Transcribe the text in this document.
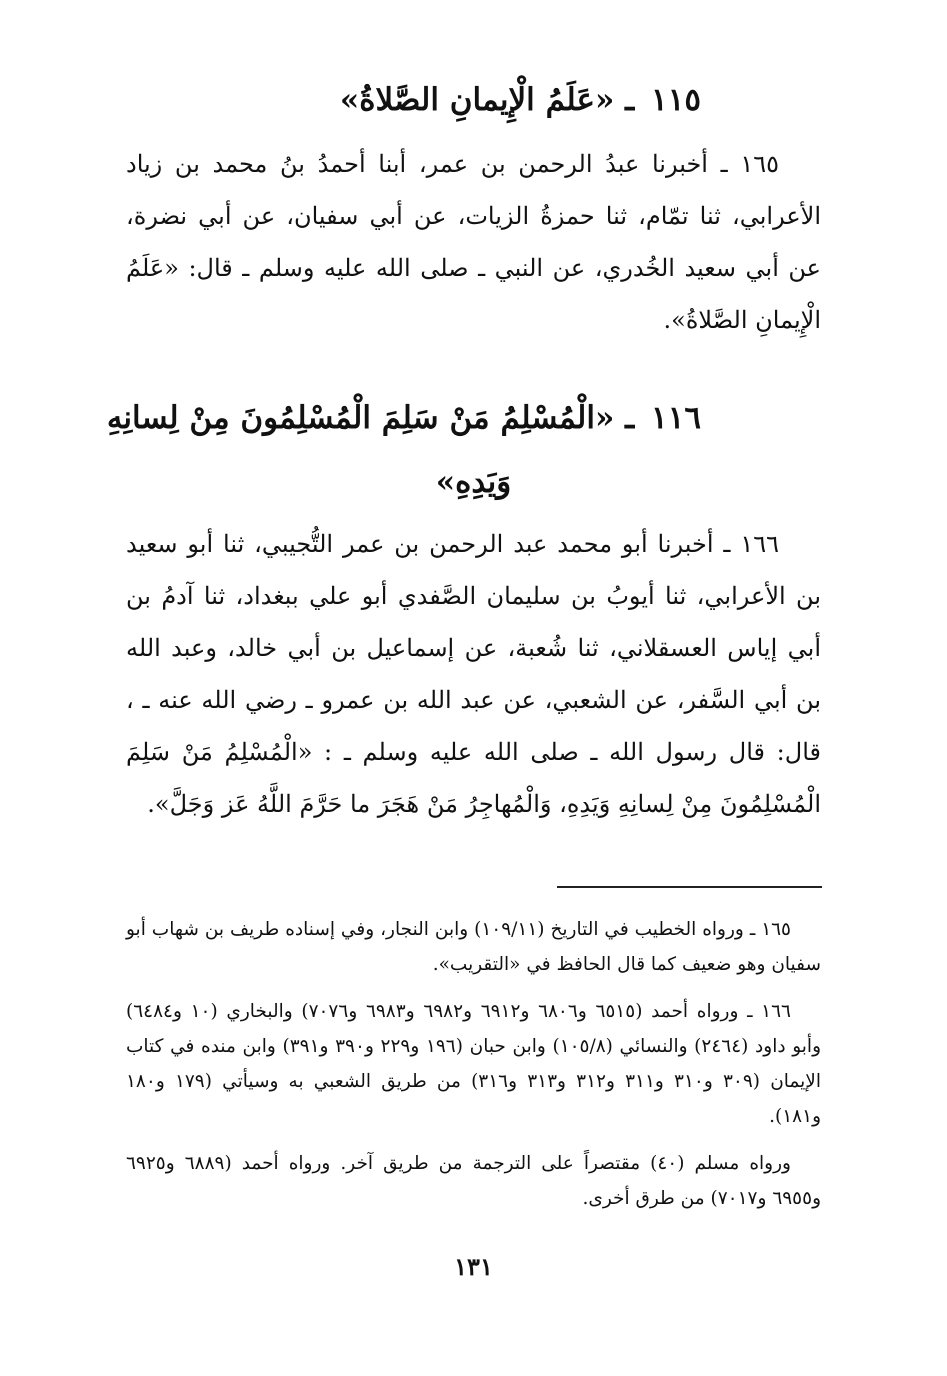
١١٥ ـ «عَلَمُ الْإِيمانِ الصَّلاةُ»

١٦٥ ـ أخبرنا عبدُ الرحمن بن عمر، أبنا أحمدُ بنُ محمد بن زياد الأعرابي، ثنا تمّام، ثنا حمزةُ الزيات، عن أبي سفيان، عن أبي نضرة، عن أبي سعيد الخُدري، عن النبي ـ صلى الله عليه وسلم ـ قال: «عَلَمُ الْإِيمانِ الصَّلاةُ».

١١٦ ـ «الْمُسْلِمُ مَنْ سَلِمَ الْمُسْلِمُونَ مِنْ لِسانِهِ
وَيَدِهِ»

١٦٦ ـ أخبرنا أبو محمد عبد الرحمن بن عمر التُّجيبي، ثنا أبو سعيد بن الأعرابي، ثنا أيوبُ بن سليمان الصَّفدي أبو علي ببغداد، ثنا آدمُ بن أبي إياس العسقلاني، ثنا شُعبة، عن إسماعيل بن أبي خالد، وعبد الله بن أبي السَّفر، عن الشعبي، عن عبد الله بن عمرو ـ رضي الله عنه ـ ، قال: قال رسول الله ـ صلى الله عليه وسلم ـ : «الْمُسْلِمُ مَنْ سَلِمَ الْمُسْلِمُونَ مِنْ لِسانِهِ وَيَدِهِ، وَالْمُهاجِرُ مَنْ هَجَرَ ما حَرَّمَ اللَّهُ عَز وَجَلَّ».

١٦٥ ـ ورواه الخطيب في التاريخ (١٠٩/١١) وابن النجار، وفي إسناده طريف بن شهاب أبو سفيان وهو ضعيف كما قال الحافظ في «التقريب».

١٦٦ ـ ورواه أحمد (٦٥١٥ و٦٨٠٦ و٦٩١٢ و٦٩٨٢ و٦٩٨٣ و٧٠٧٦) والبخاري (١٠ و٦٤٨٤) وأبو داود (٢٤٦٤) والنسائي (١٠٥/٨) وابن حبان (١٩٦ و٢٢٩ و٣٩٠ و٣٩١) وابن منده في كتاب الإيمان (٣٠٩ و٣١٠ و٣١١ و٣١٢ و٣١٣ و٣١٦) من طريق الشعبي به وسيأتي (١٧٩ و١٨٠ و١٨١).

ورواه مسلم (٤٠) مقتصراً على الترجمة من طريق آخر. ورواه أحمد (٦٨٨٩ و٦٩٢٥ و٦٩٥٥ و٧٠١٧) من طرق أخرى.

١٣١
